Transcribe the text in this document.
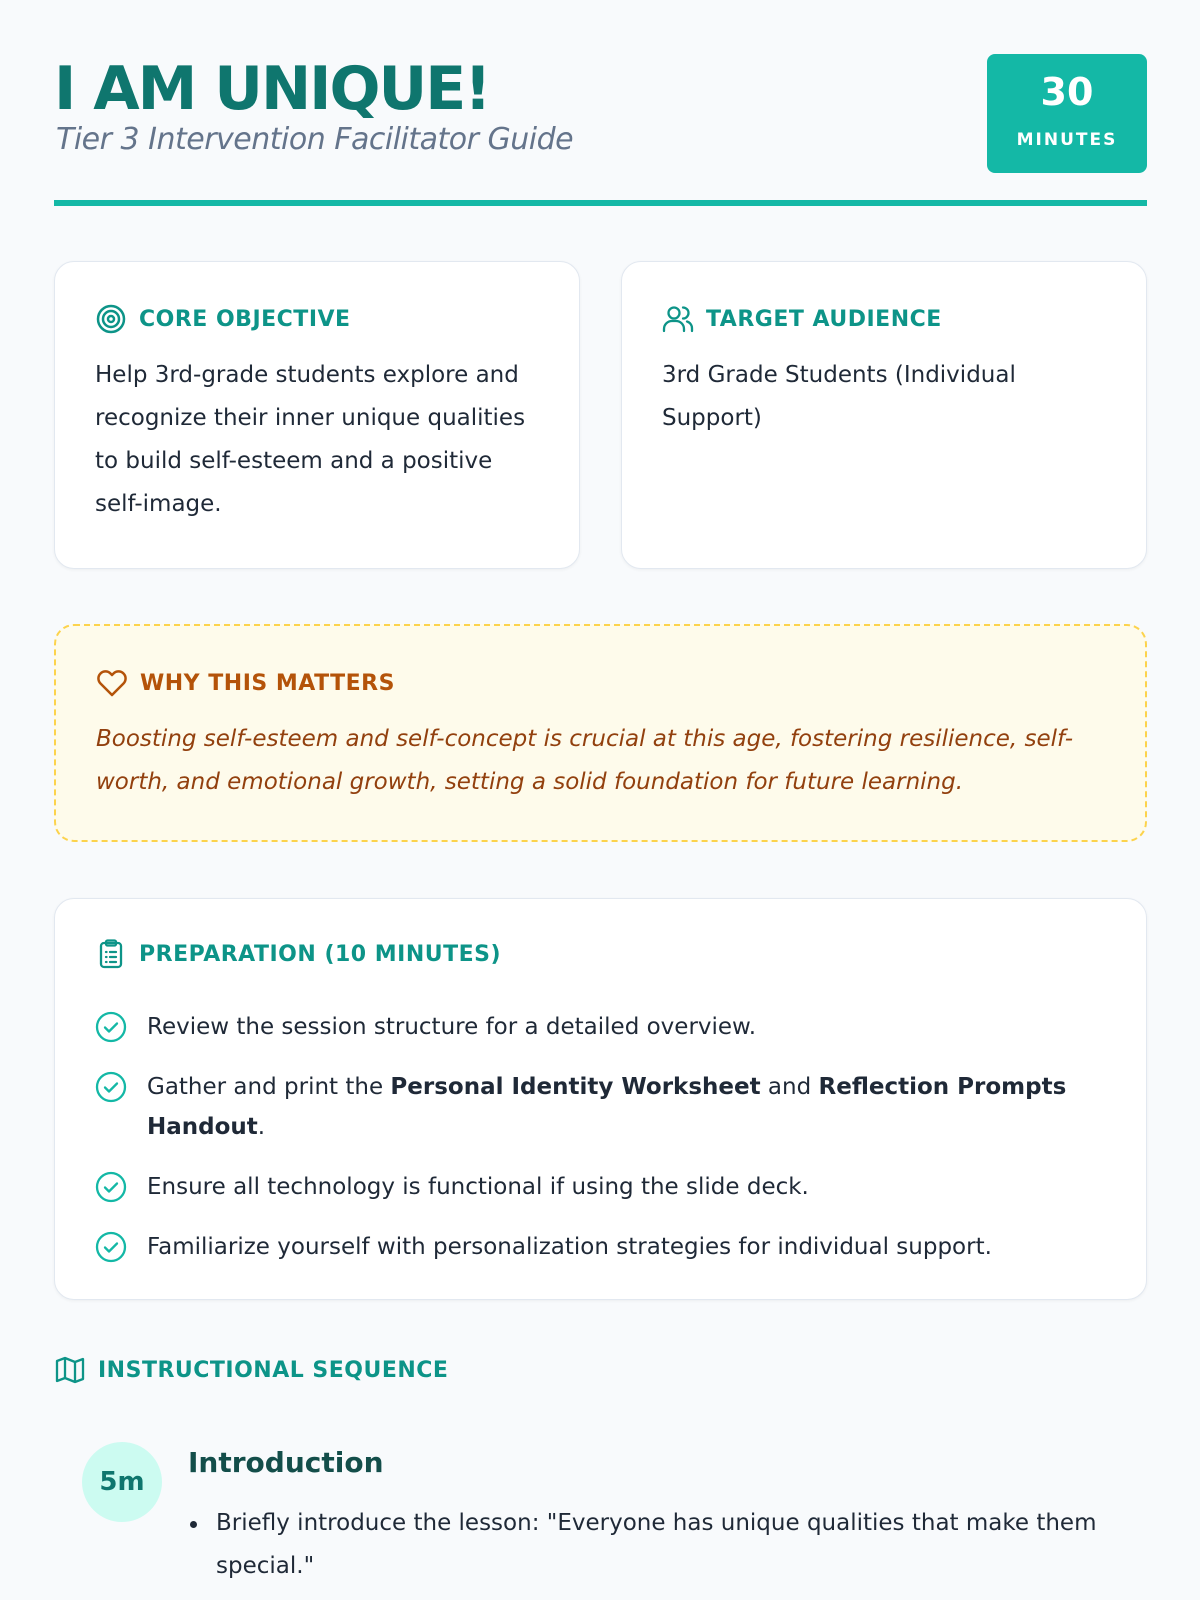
I AM UNIQUE!
Tier 3 Intervention Facilitator Guide
30
MINUTES
CORE OBJECTIVE
Help 3rd-grade students explore and recognize their inner unique qualities to build self-esteem and a positive self-image.
TARGET AUDIENCE
3rd Grade Students (Individual Support)
WHY THIS MATTERS
Boosting self-esteem and self-concept is crucial at this age, fostering resilience, self-worth, and emotional growth, setting a solid foundation for future learning.
PREPARATION (10 MINUTES)
Review the session structure for a detailed overview.
Gather and print the Personal Identity Worksheet and Reflection Prompts Handout.
Ensure all technology is functional if using the slide deck.
Familiarize yourself with personalization strategies for individual support.
INSTRUCTIONAL SEQUENCE
5m
Introduction
Briefly introduce the lesson: "Everyone has unique qualities that make them special."
